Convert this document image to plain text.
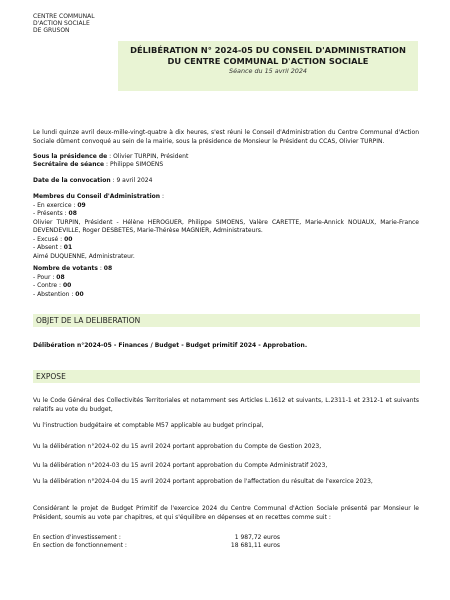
CENTRE COMMUNAL
D'ACTION SOCIALE
DE GRUSON
DÉLIBÉRATION N° 2024-05 DU CONSEIL D'ADMINISTRATION
DU CENTRE COMMUNAL D'ACTION SOCIALE
Séance du 15 avril 2024
Le lundi quinze avril deux-mille-vingt-quatre à dix heures, s'est réuni le Conseil d'Administration du Centre Communal d'Action Sociale dûment convoqué au sein de la mairie, sous la présidence de Monsieur le Président du CCAS, Olivier TURPIN.
Sous la présidence de : Olivier TURPIN, Président
Secrétaire de séance : Philippe SIMOENS
Date de la convocation : 9 avril 2024
Membres du Conseil d'Administration :
- En exercice : 09
- Présents : 08
Olivier TURPIN, Président - Hélène HEROGUER, Philippe SIMOENS, Valère CARETTE, Marie-Annick NOUAUX, Marie-France DEVENDEVILLE, Roger DESBETES, Marie-Thérèse MAGNIER, Administrateurs.
- Excusé : 00
- Absent : 01
Aimé DUQUENNE, Administrateur.
Nombre de votants : 08
- Pour : 08
- Contre : 00
- Abstention : 00
OBJET DE LA DELIBERATION
Délibération n°2024-05 - Finances / Budget - Budget primitif 2024 - Approbation.
EXPOSE
Vu le Code Général des Collectivités Territoriales et notamment ses Articles L.1612 et suivants, L.2311-1 et 2312-1 et suivants relatifs au vote du budget,
Vu l'instruction budgétaire et comptable M57 applicable au budget principal,
Vu la délibération n°2024-02 du 15 avril 2024 portant approbation du Compte de Gestion 2023,
Vu la délibération n°2024-03 du 15 avril 2024 portant approbation du Compte Administratif 2023,
Vu la délibération n°2024-04 du 15 avril 2024 portant approbation de l'affectation du résultat de l'exercice 2023,
Considérant le projet de Budget Primitif de l'exercice 2024 du Centre Communal d'Action Sociale présenté par Monsieur le Président, soumis au vote par chapitres, et qui s'équilibre en dépenses et en recettes comme suit :
En section d'investissement :	1 987,72 euros
En section de fonctionnement :	18 681,11 euros
